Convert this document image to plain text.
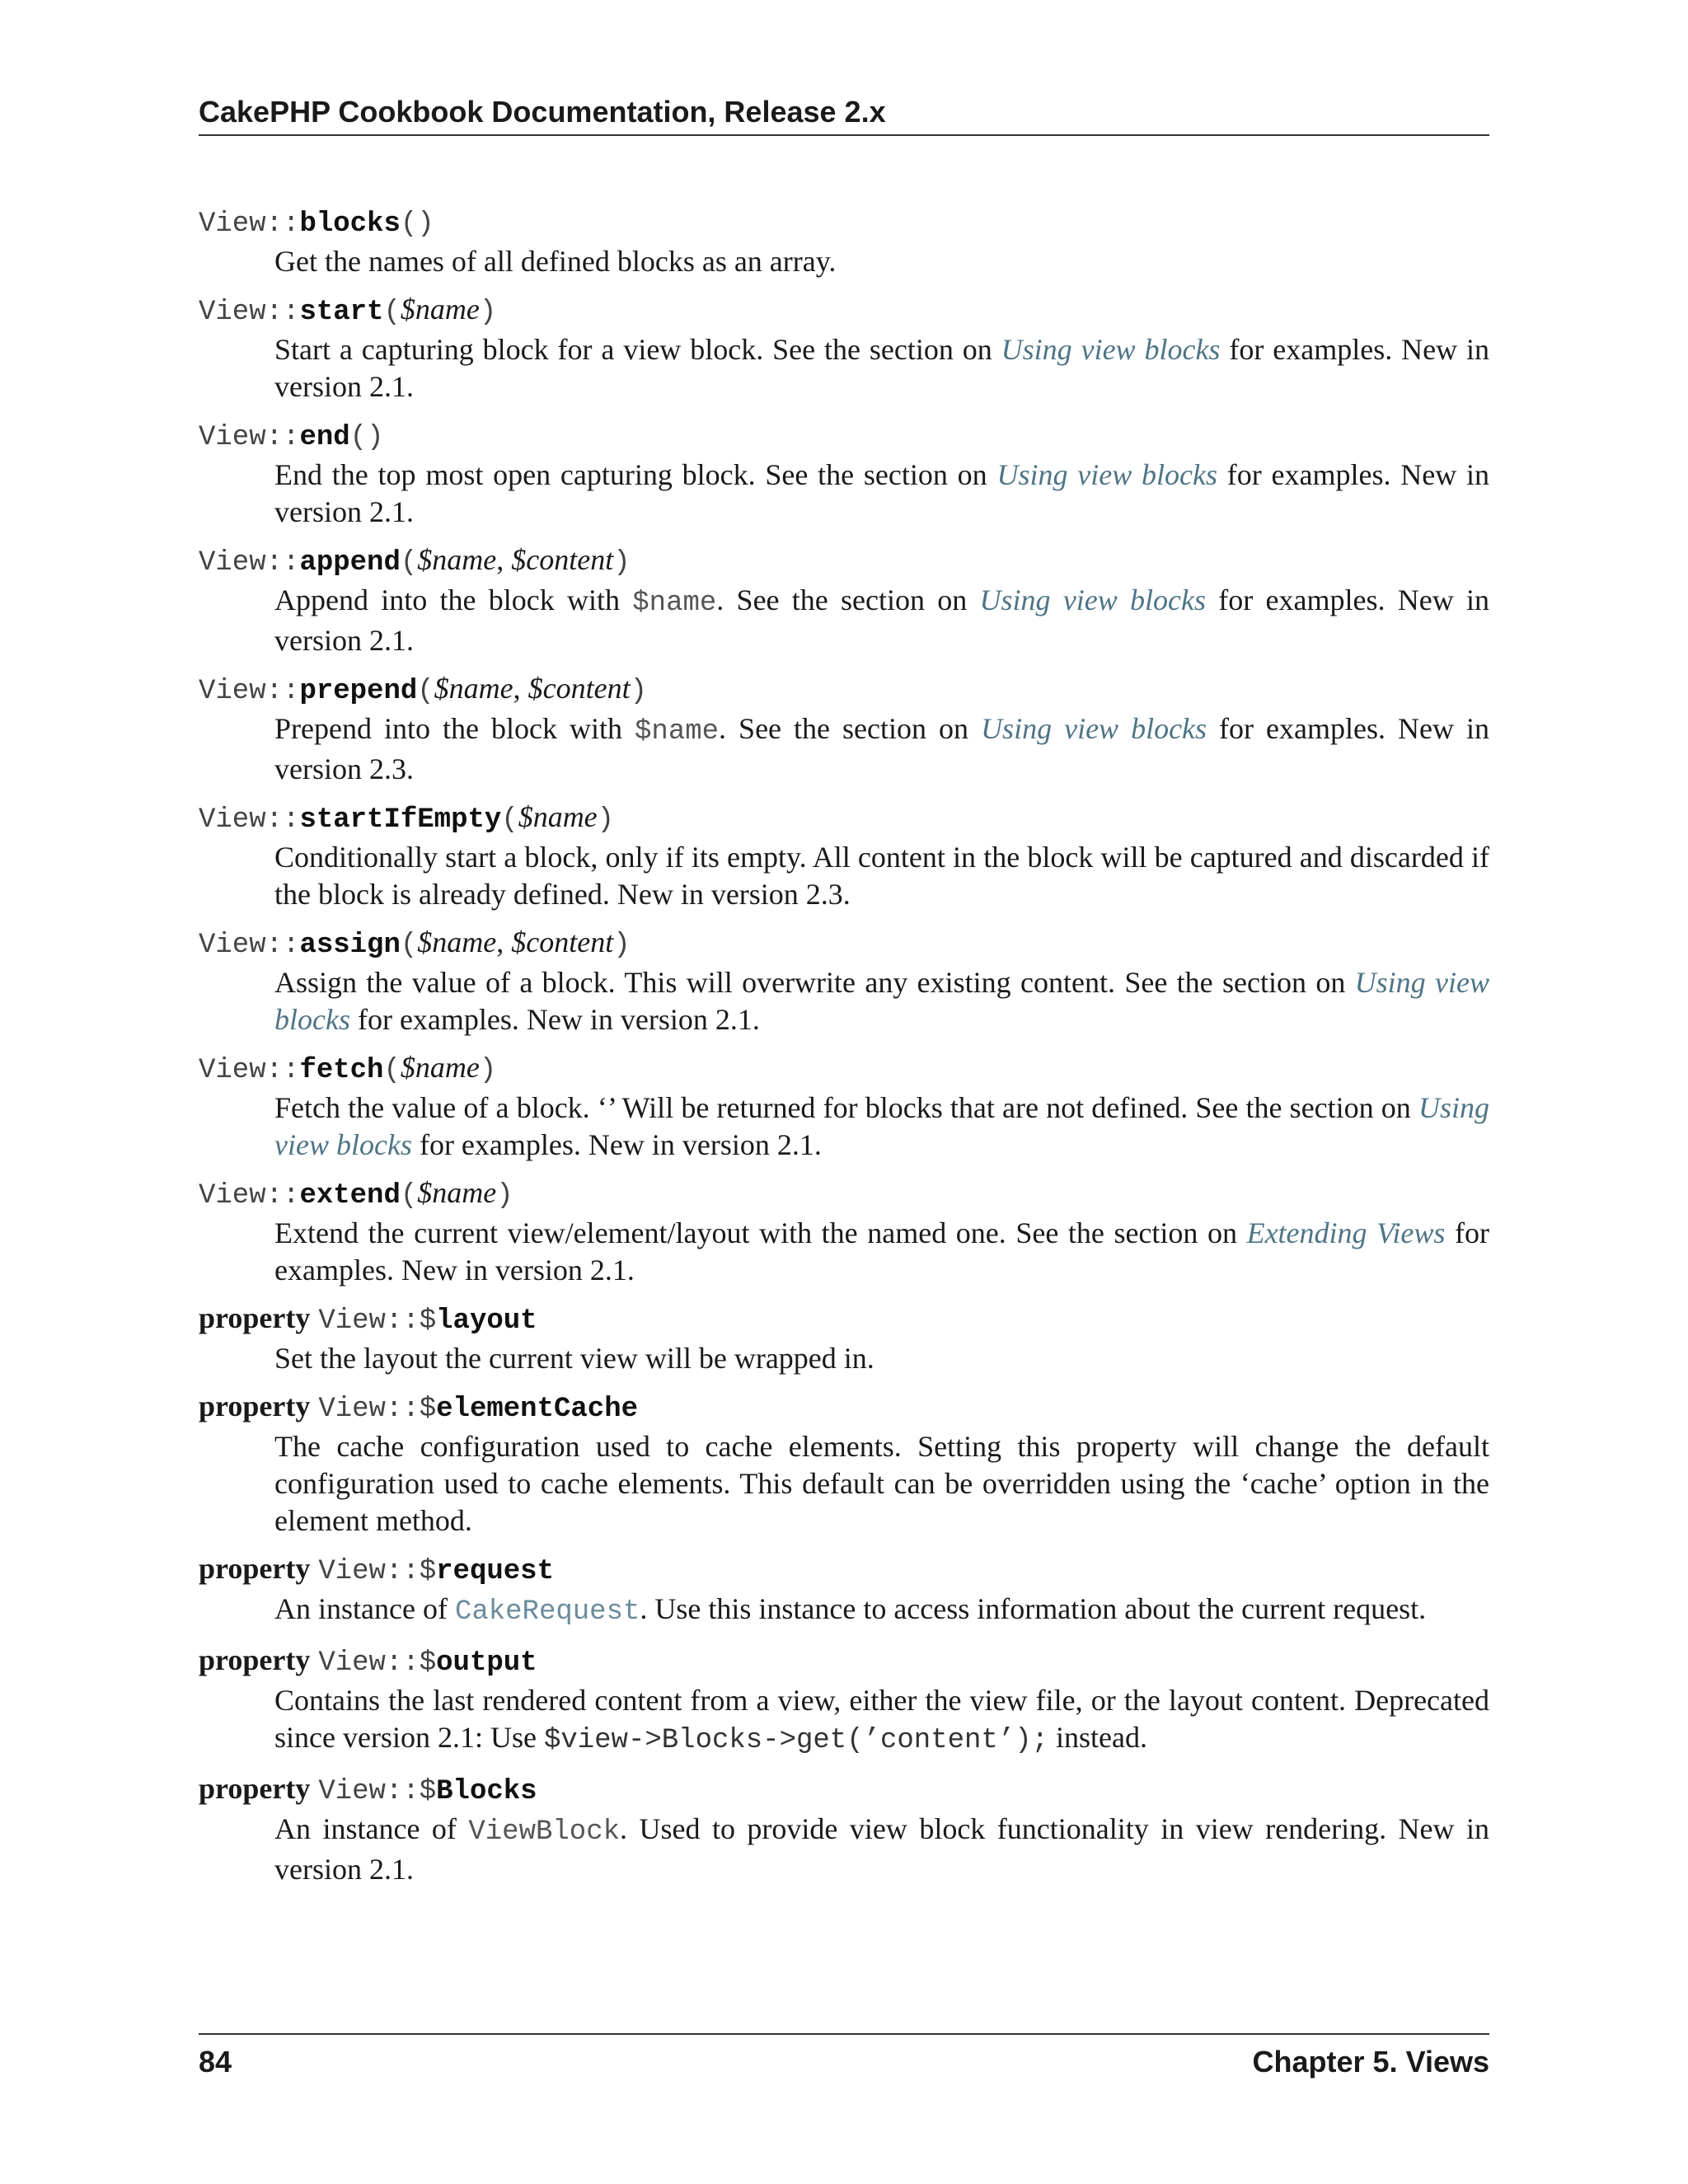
CakePHP Cookbook Documentation, Release 2.x
View::blocks()
Get the names of all defined blocks as an array.
View::start($name)
Start a capturing block for a view block. See the section on Using view blocks for examples. New in version 2.1.
View::end()
End the top most open capturing block. See the section on Using view blocks for examples. New in version 2.1.
View::append($name, $content)
Append into the block with $name. See the section on Using view blocks for examples. New in version 2.1.
View::prepend($name, $content)
Prepend into the block with $name. See the section on Using view blocks for examples. New in version 2.3.
View::startIfEmpty($name)
Conditionally start a block, only if its empty. All content in the block will be captured and discarded if the block is already defined. New in version 2.3.
View::assign($name, $content)
Assign the value of a block. This will overwrite any existing content. See the section on Using view blocks for examples. New in version 2.1.
View::fetch($name)
Fetch the value of a block. ‘’ Will be returned for blocks that are not defined. See the section on Using view blocks for examples. New in version 2.1.
View::extend($name)
Extend the current view/element/layout with the named one. See the section on Extending Views for examples. New in version 2.1.
property View::$layout
Set the layout the current view will be wrapped in.
property View::$elementCache
The cache configuration used to cache elements. Setting this property will change the default configuration used to cache elements. This default can be overridden using the ‘cache’ option in the element method.
property View::$request
An instance of CakeRequest. Use this instance to access information about the current request.
property View::$output
Contains the last rendered content from a view, either the view file, or the layout content. Deprecated since version 2.1: Use $view->Blocks->get(’content’); instead.
property View::$Blocks
An instance of ViewBlock. Used to provide view block functionality in view rendering. New in version 2.1.
84	Chapter 5. Views
